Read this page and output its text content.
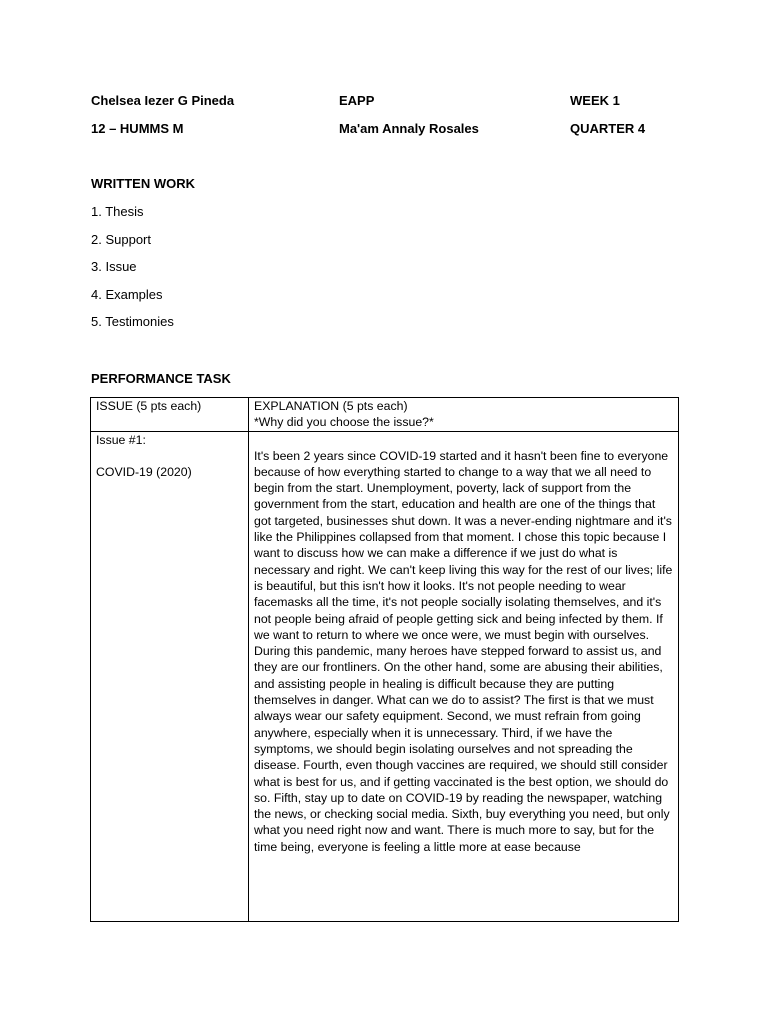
Chelsea Iezer G Pineda	EAPP	WEEK 1
12 – HUMMS M	Ma'am Annaly Rosales	QUARTER 4
WRITTEN WORK
1. Thesis
2. Support
3. Issue
4. Examples
5. Testimonies
PERFORMANCE TASK
ISSUE (5 pts each)	EXPLANATION (5 pts each)
*Why did you choose the issue?*

Issue #1:
COVID-19 (2020)	It's been 2 years since COVID-19 started and it hasn't been fine to everyone because of how everything started to change to a way that we all need to begin from the start. Unemployment, poverty, lack of support from the government from the start, education and health are one of the things that got targeted, businesses shut down. It was a never-ending nightmare and it's like the Philippines collapsed from that moment. I chose this topic because I want to discuss how we can make a difference if we just do what is necessary and right. We can't keep living this way for the rest of our lives; life is beautiful, but this isn't how it looks. It's not people needing to wear facemasks all the time, it's not people socially isolating themselves, and it's not people being afraid of people getting sick and being infected by them. If we want to return to where we once were, we must begin with ourselves. During this pandemic, many heroes have stepped forward to assist us, and they are our frontliners. On the other hand, some are abusing their abilities, and assisting people in healing is difficult because they are putting themselves in danger. What can we do to assist? The first is that we must always wear our safety equipment. Second, we must refrain from going anywhere, especially when it is unnecessary. Third, if we have the symptoms, we should begin isolating ourselves and not spreading the disease. Fourth, even though vaccines are required, we should still consider what is best for us, and if getting vaccinated is the best option, we should do so. Fifth, stay up to date on COVID-19 by reading the newspaper, watching the news, or checking social media. Sixth, buy everything you need, but only what you need right now and want. There is much more to say, but for the time being, everyone is feeling a little more at ease because
